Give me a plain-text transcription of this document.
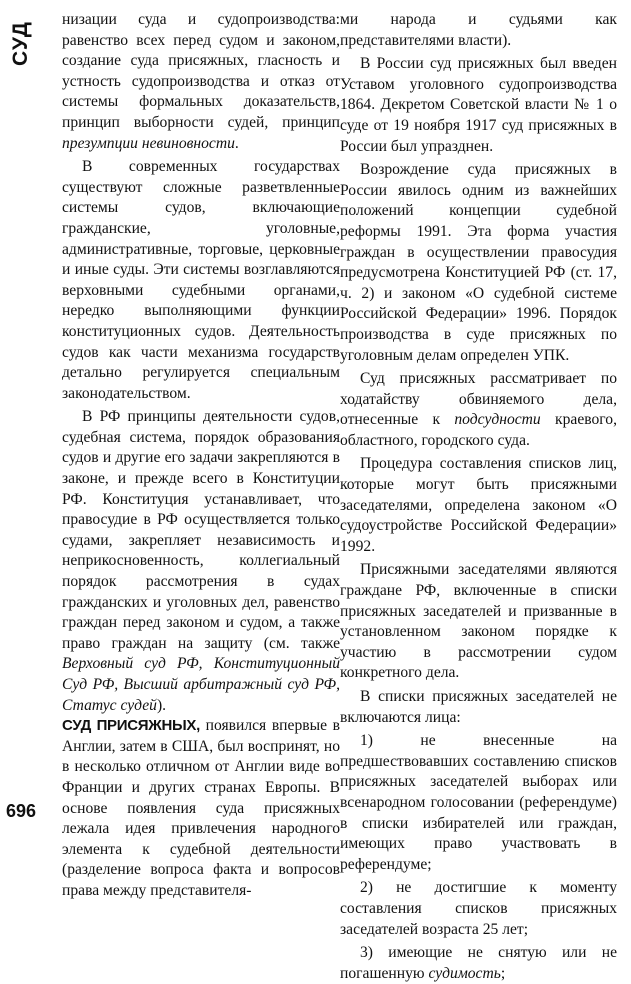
СУД
696

низации суда и судопроизводства: равенство всех перед судом и законом, создание суда присяжных, гласность и устность судопроизводства и отказ от системы формальных доказательств, принцип выборности судей, принцип презумпции невиновности.

В современных государствах существуют сложные разветвленные системы судов, включающие гражданские, уголовные, административные, торговые, церковные и иные суды. Эти системы возглавляются верховными судебными органами, нередко выполняющими функции конституционных судов. Деятельность судов как части механизма государств детально регулируется специальным законодательством.

В РФ принципы деятельности судов, судебная система, порядок образования судов и другие его задачи закрепляются в законе, и прежде всего в Конституции РФ. Конституция устанавливает, что правосудие в РФ осуществляется только судами, закрепляет независимость и неприкосновенность, коллегиальный порядок рассмотрения в судах гражданских и уголовных дел, равенство граждан перед законом и судом, а также право граждан на защиту (см. также Верховный суд РФ, Конституционный Суд РФ, Высший арбитражный суд РФ, Статус судей).

СУД ПРИСЯЖНЫХ, появился впервые в Англии, затем в США, был воспринят, но в несколько отличном от Англии виде во Франции и других странах Европы. В основе появления суда присяжных лежала идея привлечения народного элемента к судебной деятельности (разделение вопроса факта и вопросов права между представителя-

ми народа и судьями как представителями власти).

В России суд присяжных был введен Уставом уголовного судопроизводства 1864. Декретом Советской власти № 1 о суде от 19 ноября 1917 суд присяжных в России был упразднен.

Возрождение суда присяжных в России явилось одним из важнейших положений концепции судебной реформы 1991. Эта форма участия граждан в осуществлении правосудия предусмотрена Конституцией РФ (ст. 17, ч. 2) и законом «О судебной системе Российской Федерации» 1996. Порядок производства в суде присяжных по уголовным делам определен УПК.

Суд присяжных рассматривает по ходатайству обвиняемого дела, отнесенные к подсудности краевого, областного, городского суда.

Процедура составления списков лиц, которые могут быть присяжными заседателями, определена законом «О судоустройстве Российской Федерации» 1992.

Присяжными заседателями являются граждане РФ, включенные в списки присяжных заседателей и призванные в установленном законом порядке к участию в рассмотрении судом конкретного дела.

В списки присяжных заседателей не включаются лица:

1) не внесенные на предшествовавших составлению списков присяжных заседателей выборах или всенародном голосовании (референдуме) в списки избирателей или граждан, имеющих право участвовать в референдуме;

2) не достигшие к моменту составления списков присяжных заседателей возраста 25 лет;

3) имеющие не снятую или не погашенную судимость;
